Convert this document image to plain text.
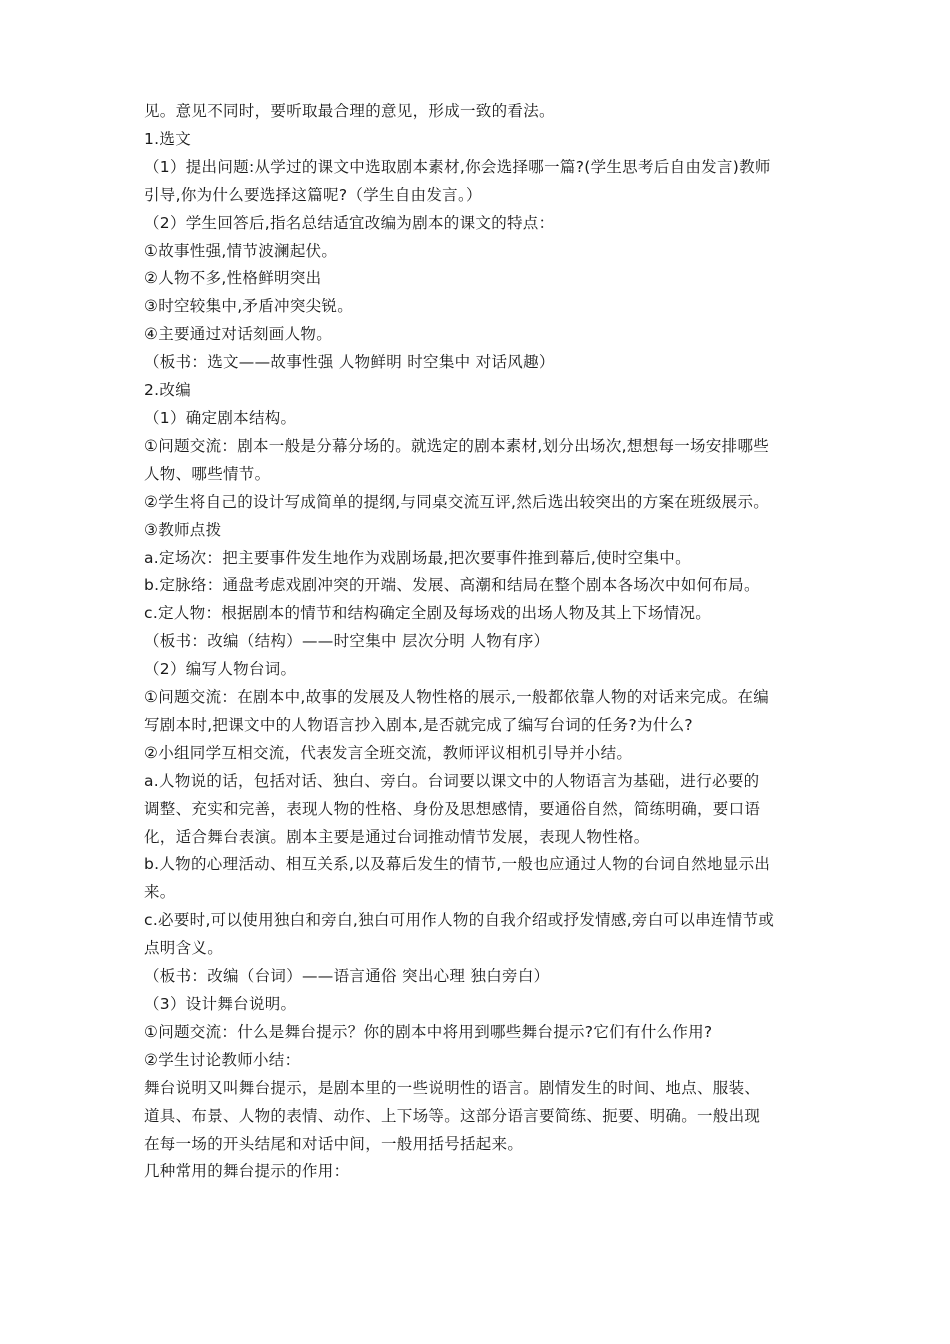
见。意见不同时，要听取最合理的意见，形成一致的看法。
1.选文
（1）提出问题:从学过的课文中选取剧本素材,你会选择哪一篇?(学生思考后自由发言)教师
引导,你为什么要选择这篇呢?（学生自由发言。）
（2）学生回答后,指名总结适宜改编为剧本的课文的特点：
①故事性强,情节波澜起伏。
②人物不多,性格鲜明突出
③时空较集中,矛盾冲突尖锐。
④主要通过对话刻画人物。
（板书：选文——故事性强 人物鲜明 时空集中 对话风趣）
2.改编
（1）确定剧本结构。
①问题交流：剧本一般是分幕分场的。就选定的剧本素材,划分出场次,想想每一场安排哪些
人物、哪些情节。
②学生将自己的设计写成简单的提纲,与同桌交流互评,然后选出较突出的方案在班级展示。
③教师点拨
a.定场次：把主要事件发生地作为戏剧场最,把次要事件推到幕后,使时空集中。
b.定脉络：通盘考虑戏剧冲突的开端、发展、高潮和结局在整个剧本各场次中如何布局。
c.定人物：根据剧本的情节和结构确定全剧及每场戏的出场人物及其上下场情况。
（板书：改编（结构）——时空集中 层次分明 人物有序）
（2）编写人物台词。
①问题交流：在剧本中,故事的发展及人物性格的展示,一般都依靠人物的对话来完成。在编
写剧本时,把课文中的人物语言抄入剧本,是否就完成了编写台词的任务?为什么?
②小组同学互相交流，代表发言全班交流，教师评议相机引导并小结。
a.人物说的话，包括对话、独白、旁白。台词要以课文中的人物语言为基础，进行必要的
调整、充实和完善，表现人物的性格、身份及思想感情，要通俗自然，简练明确，要口语
化，适合舞台表演。剧本主要是通过台词推动情节发展，表现人物性格。
b.人物的心理活动、相互关系,以及幕后发生的情节,一般也应通过人物的台词自然地显示出
来。
c.必要时,可以使用独白和旁白,独白可用作人物的自我介绍或抒发情感,旁白可以串连情节或
点明含义。
（板书：改编（台词）——语言通俗 突出心理 独白旁白）
（3）设计舞台说明。
①问题交流：什么是舞台提示？你的剧本中将用到哪些舞台提示?它们有什么作用?
②学生讨论教师小结：
舞台说明又叫舞台提示，是剧本里的一些说明性的语言。剧情发生的时间、地点、服装、
道具、布景、人物的表情、动作、上下场等。这部分语言要简练、扼要、明确。一般出现
在每一场的开头结尾和对话中间，一般用括号括起来。
几种常用的舞台提示的作用：
